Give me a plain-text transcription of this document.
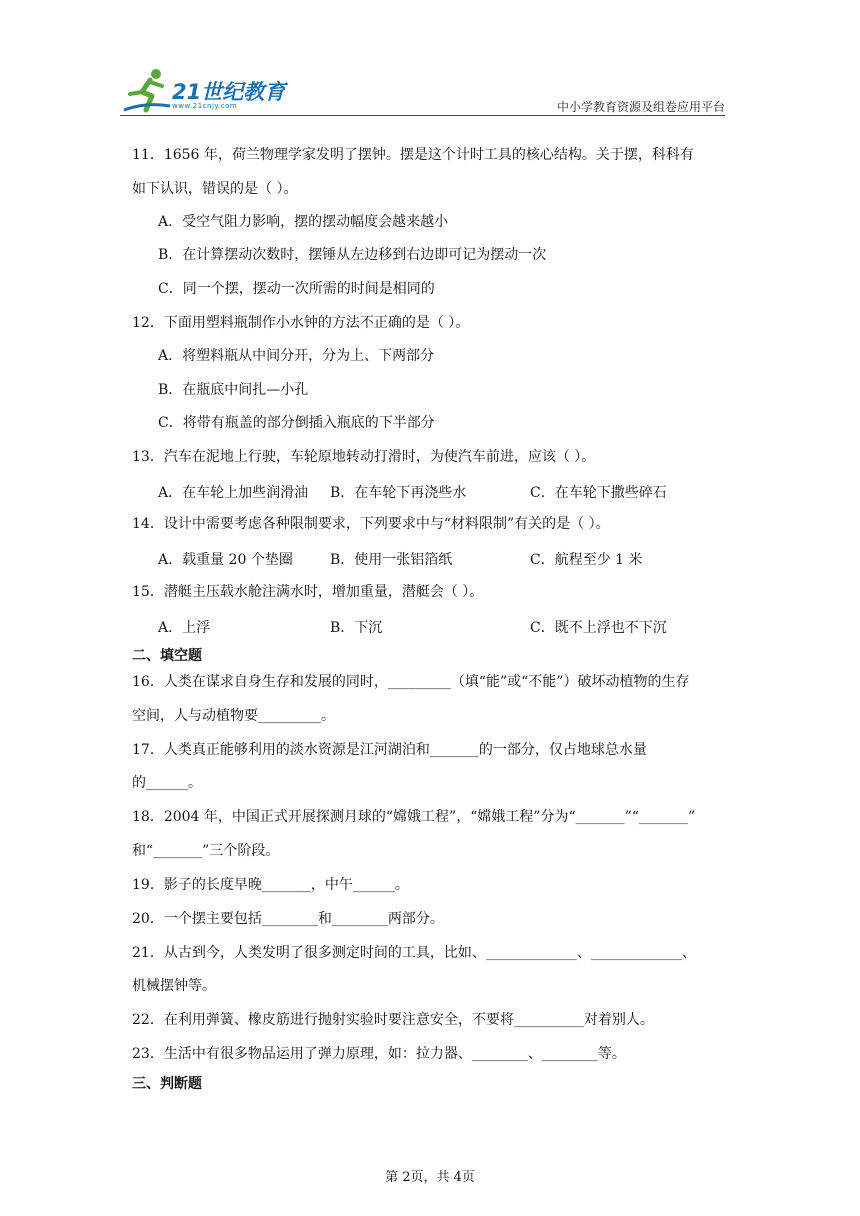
21世纪教育
www.21cnjy.com	中小学教育资源及组卷应用平台
11．1656 年，荷兰物理学家发明了摆钟。摆是这个计时工具的核心结构。关于摆，科科有
如下认识，错误的是（ ）。
A．受空气阻力影响，摆的摆动幅度会越来越小
B．在计算摆动次数时，摆锤从左边移到右边即可记为摆动一次
C．同一个摆，摆动一次所需的时间是相同的
12．下面用塑料瓶制作小水钟的方法不正确的是（ ）。
A．将塑料瓶从中间分开，分为上、下两部分
B．在瓶底中间扎—小孔
C．将带有瓶盖的部分倒插入瓶底的下半部分
13．汽车在泥地上行驶，车轮原地转动打滑时，为使汽车前进，应该（ ）。
A．在车轮上加些润滑油 B．在车轮下再浇些水	C．在车轮下撒些碎石
14．设计中需要考虑各种限制要求，下列要求中与“材料限制”有关的是（ ）。
A．载重量 20 个垫圈	B．使用一张铝箔纸	C．航程至少 1 米
15．潜艇主压载水舱注满水时，增加重量，潜艇会（ ）。
A．上浮	B．下沉	C．既不上浮也不下沉
二、填空题
16．人类在谋求自身生存和发展的同时，_________（填“能”或“不能”）破坏动植物的生存
空间，人与动植物要_________。
17．人类真正能够利用的淡水资源是江河湖泊和_______的一部分，仅占地球总水量
的______。
18．2004 年，中国正式开展探测月球的“嫦娥工程”，“嫦娥工程”分为“_______”“_______”
和“_______”三个阶段。
19．影子的长度早晚_______，中午______。
20．一个摆主要包括________和________两部分。
21．从古到今，人类发明了很多测定时间的工具，比如、_____________、_____________、
机械摆钟等。
22．在利用弹簧、橡皮筋进行抛射实验时要注意安全，不要将__________对着别人。
23．生活中有很多物品运用了弹力原理，如：拉力器、________、________等。
三、判断题
第 2页，共 4页
